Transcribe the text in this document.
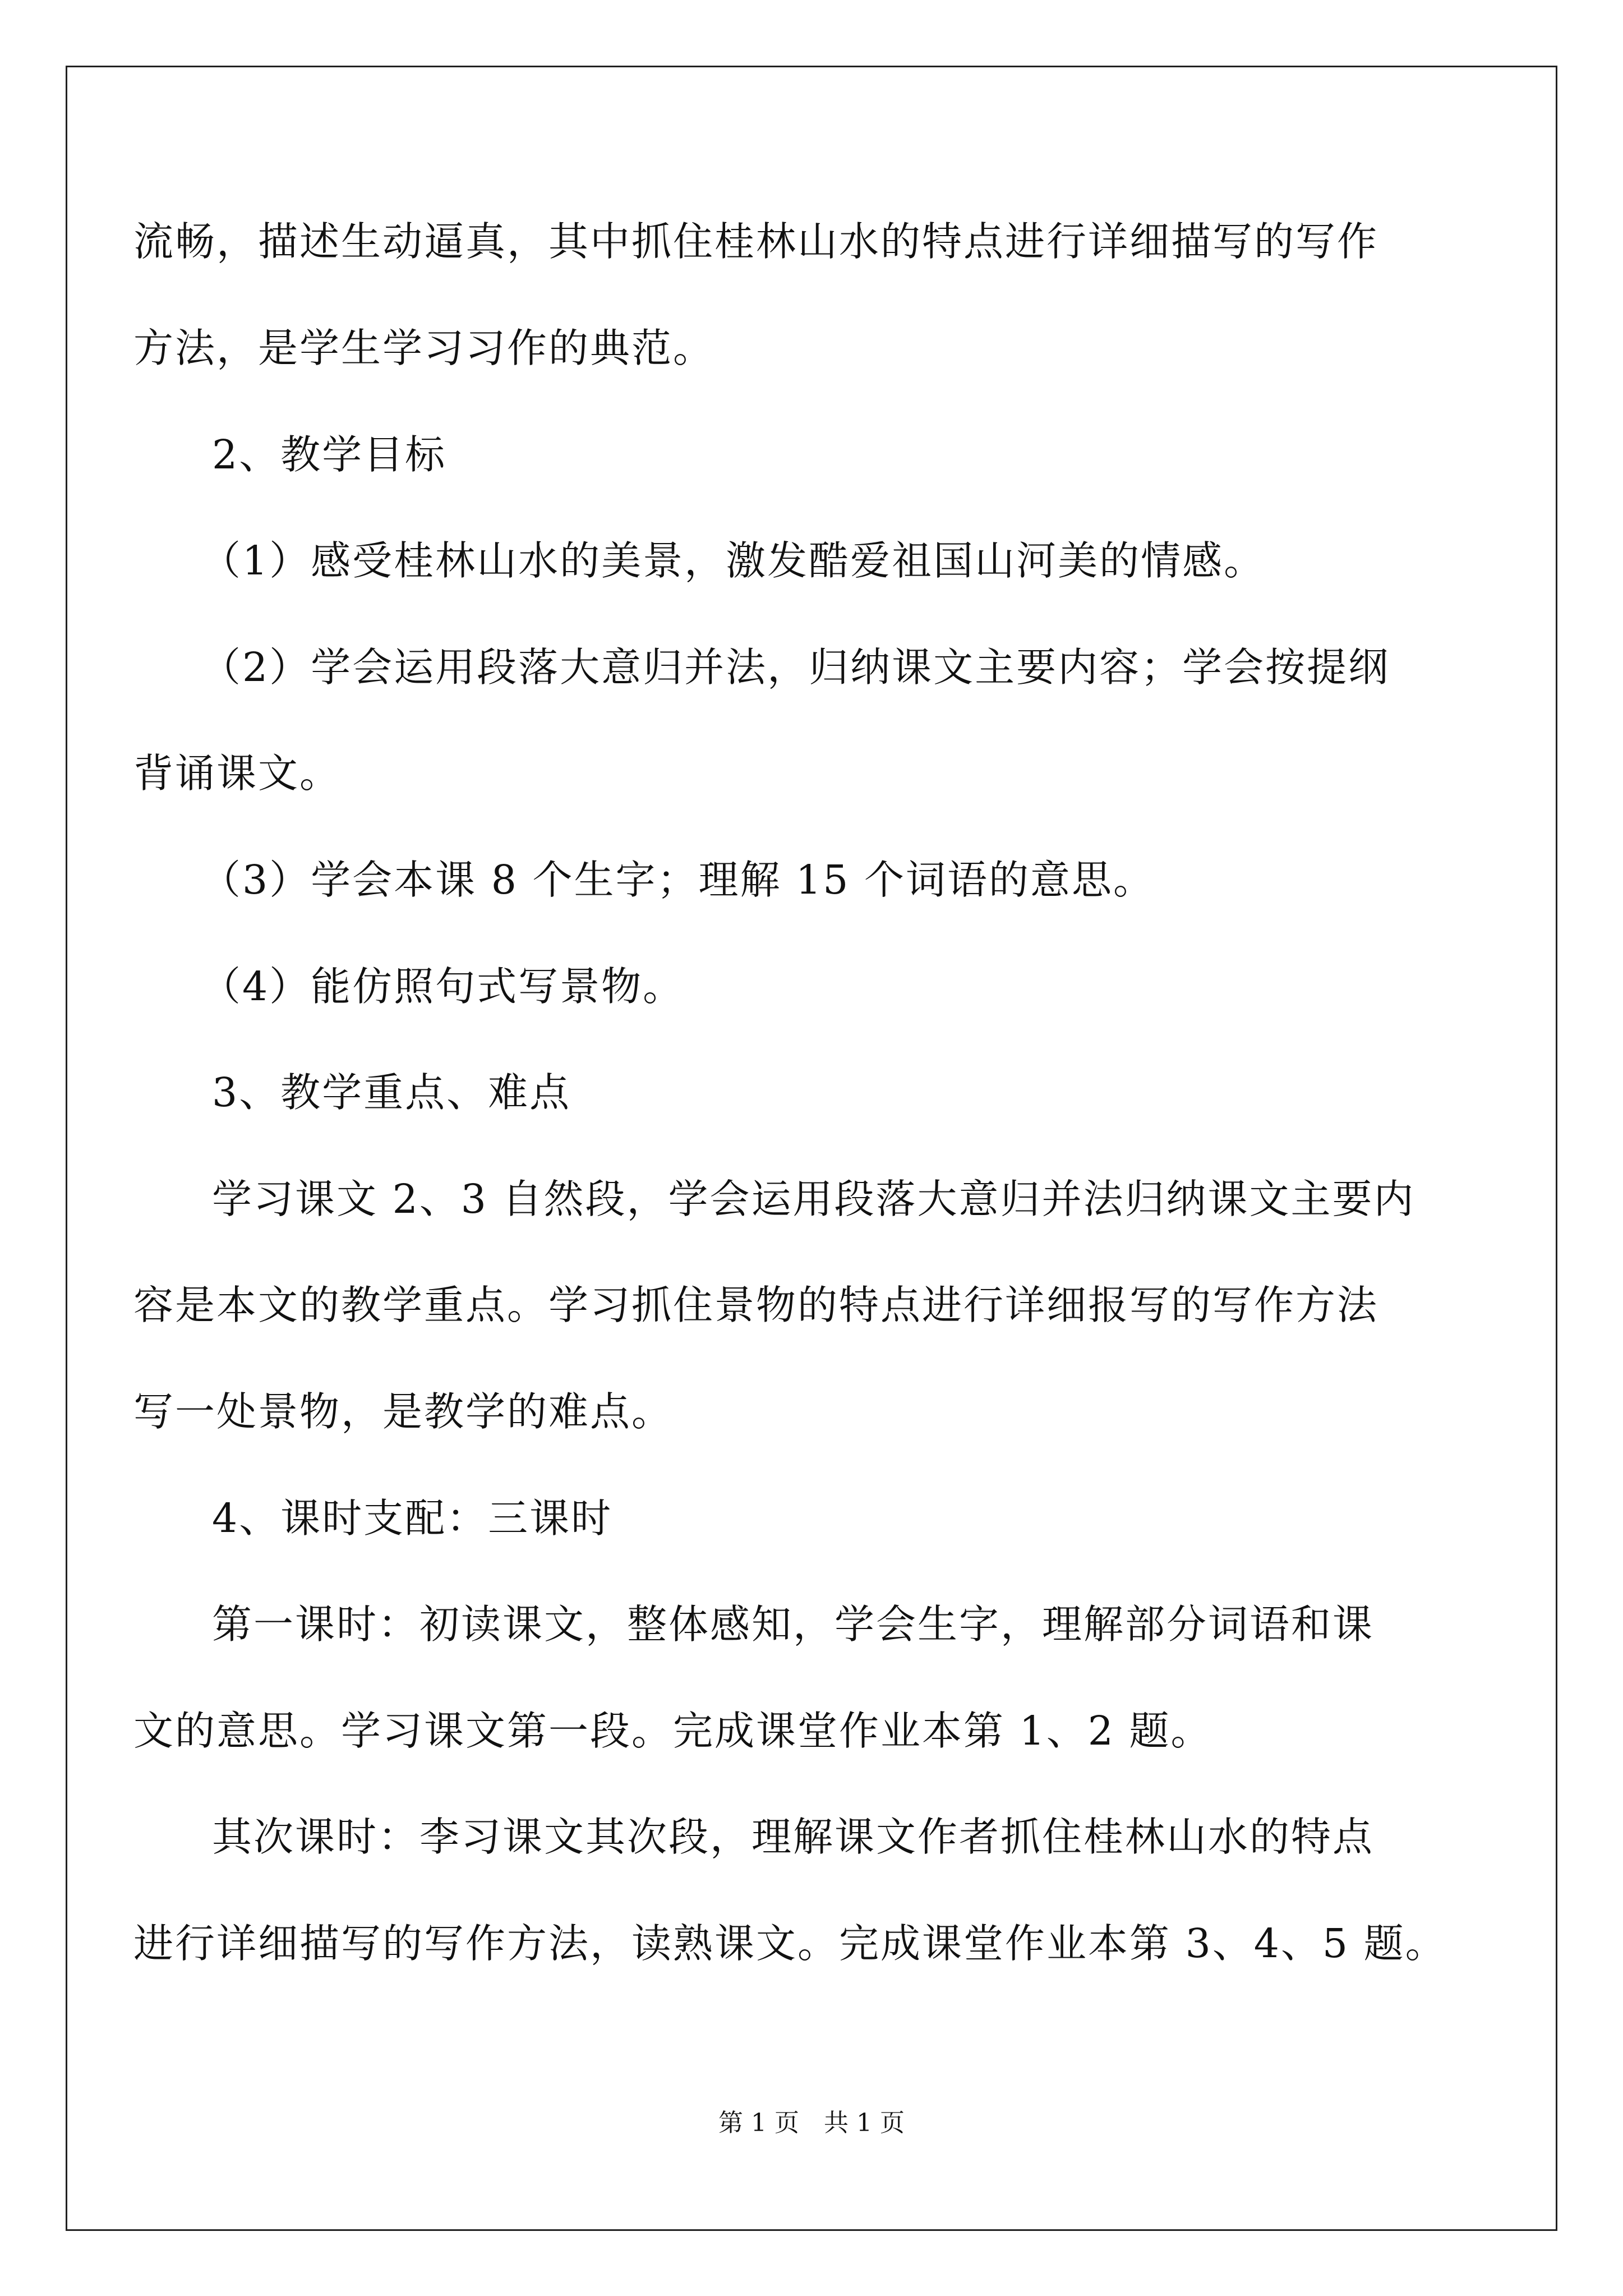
流畅，描述生动逼真，其中抓住桂林山水的特点进行详细描写的写作
方法，是学生学习习作的典范。
2、教学目标
（1）感受桂林山水的美景，激发酷爱祖国山河美的情感。
（2）学会运用段落大意归并法，归纳课文主要内容；学会按提纲
背诵课文。
（3）学会本课 8 个生字；理解 15 个词语的意思。
（4）能仿照句式写景物。
3、教学重点、难点
学习课文 2、3 自然段，学会运用段落大意归并法归纳课文主要内
容是本文的教学重点。学习抓住景物的特点进行详细报写的写作方法
写一处景物，是教学的难点。
4、课时支配：三课时
第一课时：初读课文，整体感知，学会生字，理解部分词语和课
文的意思。学习课文第一段。完成课堂作业本第 1、2 题。
其次课时：李习课文其次段，理解课文作者抓住桂林山水的特点
进行详细描写的写作方法，读熟课文。完成课堂作业本第 3、4、5 题。
第 1 页　共 1 页
